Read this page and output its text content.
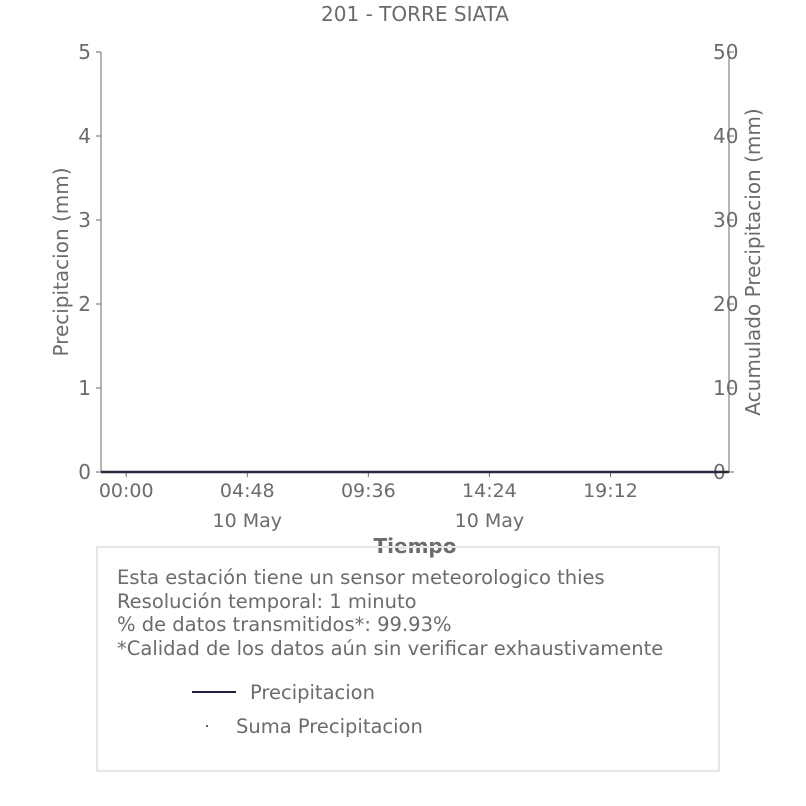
201 - TORRE SIATA
0
1
2
3
4
5
0
10
20
30
40
50
00:00	04:48
10 May
09:36	14:24
10 May
19:12
Tiempo
Precipitacion (mm)	Acumulado Precipitacion (mm)
Esta estación tiene un sensor meteorologico thies
Resolución temporal: 1 minuto
% de datos transmitidos*: 99.93%
*Calidad de los datos aún sin verificar exhaustivamente
Precipitacion
Suma Precipitacion
